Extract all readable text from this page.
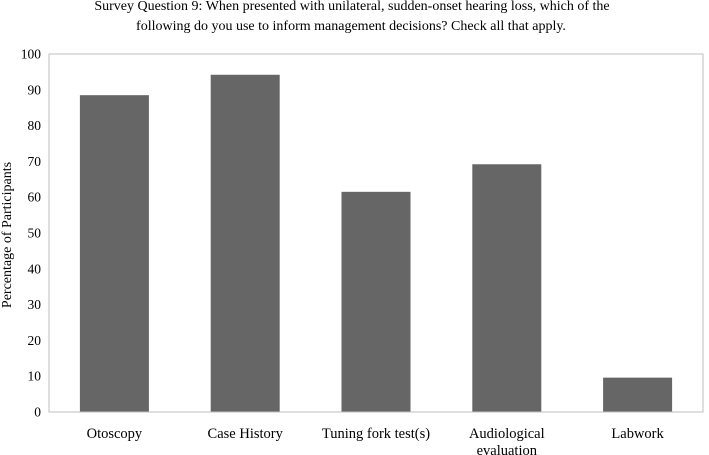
Survey Question 9: When presented with unilateral, sudden-onset hearing loss, which of the
following do you use to inform management decisions? Check all that apply.
Percentage of Participants
0
10
20
30
40
50
60
70
80
90
100
Otoscopy	Case History	Tuning fork test(s)	Audiological
evaluation
Labwork
